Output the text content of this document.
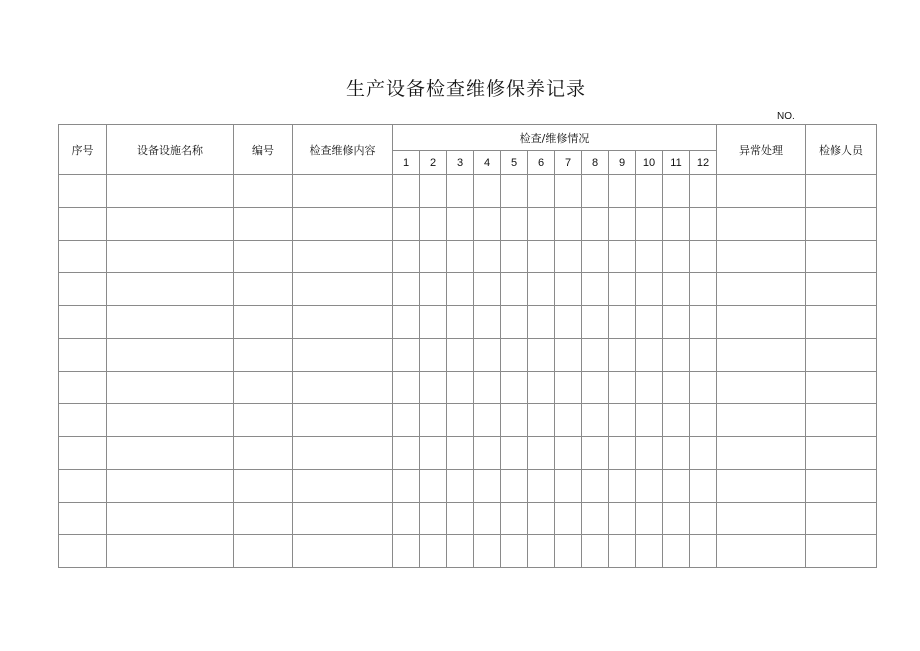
生产设备检查维修保养记录
NO.
序号	设备设施名称	编号	检查维修内容	检查/维修情况												异常处理	检修人员
				1	2	3	4	5	6	7	8	9	10	11	12		
